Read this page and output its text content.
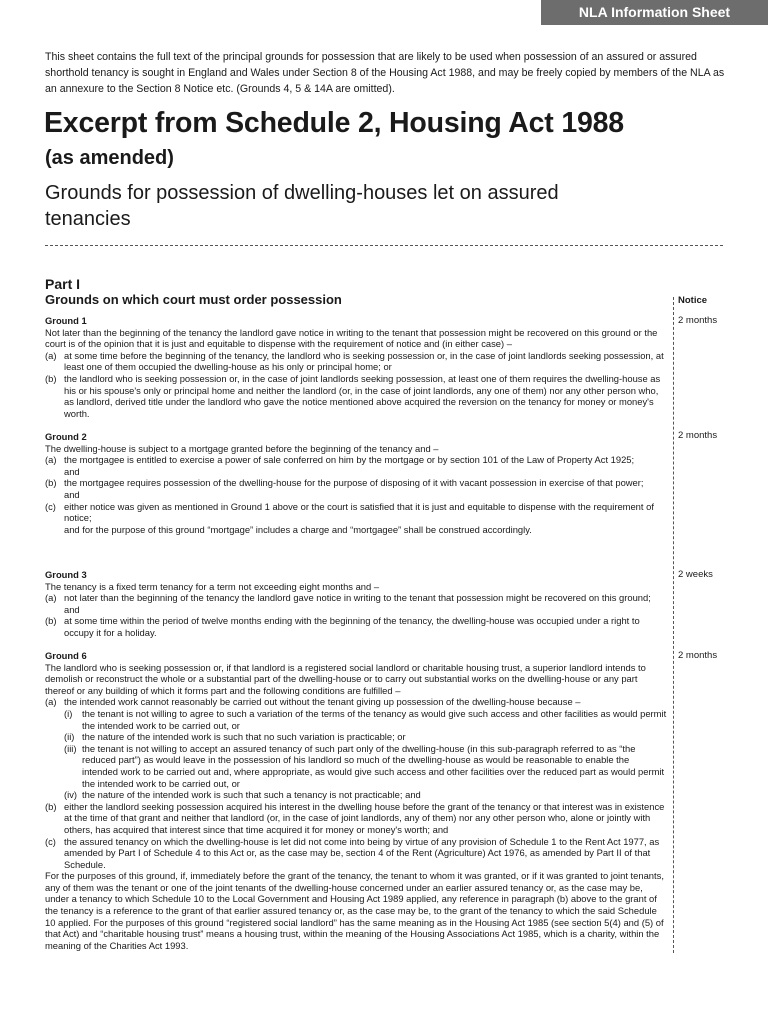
NLA Information Sheet
This sheet contains the full text of the principal grounds for possession that are likely to be used when possession of an assured or assured shorthold tenancy is sought in England and Wales under Section 8 of the Housing Act 1988, and may be freely copied by members of the NLA as an annexure to the Section 8 Notice etc. (Grounds 4, 5 & 14A are omitted).
Excerpt from Schedule 2, Housing Act 1988
(as amended)
Grounds for possession of dwelling-houses let on assured tenancies
Part I
Grounds on which court must order possession	Notice
2 months
2 months
2 weeks
2 months

Ground 1

Not later than the beginning of the tenancy the landlord gave notice in writing to the tenant that possession might be recovered on this ground or the court is of the opinion that it is just and equitable to dispense with the requirement of notice and (in either case) –

(a) at some time before the beginning of the tenancy, the landlord who is seeking possession or, in the case of joint landlords seeking possession, at least one of them occupied the dwelling-house as his only or principal home; or
(b) the landlord who is seeking possession or, in the case of joint landlords seeking possession, at least one of them requires the dwelling-house as his or his spouse's only or principal home and neither the landlord (or, in the case of joint landlords, any one of them) nor any other person who, as landlord, derived title under the landlord who gave the notice mentioned above acquired the reversion on the tenancy for money or money's worth.

Ground 2

The dwelling-house is subject to a mortgage granted before the beginning of the tenancy and –

(a) the mortgagee is entitled to exercise a power of sale conferred on him by the mortgage or by section 101 of the Law of Property Act 1925;
and
(b) the mortgagee requires possession of the dwelling-house for the purpose of disposing of it with vacant possession in exercise of that power;
and
(c) either notice was given as mentioned in Ground 1 above or the court is satisfied that it is just and equitable to dispense with the requirement of notice;
and for the purpose of this ground “mortgage” includes a charge and “mortgagee” shall be construed accordingly.

Ground 3

The tenancy is a fixed term tenancy for a term not exceeding eight months and –

(a) not later than the beginning of the tenancy the landlord gave notice in writing to the tenant that possession might be recovered on this ground; and
(b) at some time within the period of twelve months ending with the beginning of the tenancy, the dwelling-house was occupied under a right to occupy it for a holiday.

Ground 6

The landlord who is seeking possession or, if that landlord is a registered social landlord or charitable housing trust, a superior landlord intends to demolish or reconstruct the whole or a substantial part of the dwelling-house or to carry out substantial works on the dwelling-house or any part thereof or any building of which it forms part and the following conditions are fulfilled –

(a) the intended work cannot reasonably be carried out without the tenant giving up possession of the dwelling-house because –
(i) the tenant is not willing to agree to such a variation of the terms of the tenancy as would give such access and other facilities as would permit the intended work to be carried out, or
(ii) the nature of the intended work is such that no such variation is practicable; or
(iii) the tenant is not willing to accept an assured tenancy of such part only of the dwelling-house (in this sub-paragraph referred to as “the reduced part”) as would leave in the possession of his landlord so much of the dwelling-house as would be reasonable to enable the intended work to be carried out and, where appropriate, as would give such access and other facilities over the reduced part as would permit the intended work to be carried out, or
(iv) the nature of the intended work is such that such a tenancy is not practicable; and
(b) either the landlord seeking possession acquired his interest in the dwelling house before the grant of the tenancy or that interest was in existence at the time of that grant and neither that landlord (or, in the case of joint landlords, any of them) nor any other person who, alone or jointly with others, has acquired that interest since that time acquired it for money or money's worth; and
(c) the assured tenancy on which the dwelling-house is let did not come into being by virtue of any provision of Schedule 1 to the Rent Act 1977, as amended by Part I of Schedule 4 to this Act or, as the case may be, section 4 of the Rent (Agriculture) Act 1976, as amended by Part II of that Schedule.

For the purposes of this ground, if, immediately before the grant of the tenancy, the tenant to whom it was granted, or if it was granted to joint tenants, any of them was the tenant or one of the joint tenants of the dwelling-house concerned under an earlier assured tenancy or, as the case may be, under a tenancy to which Schedule 10 to the Local Government and Housing Act 1989 applied, any reference in paragraph (b) above to the grant of the tenancy is a reference to the grant of that earlier assured tenancy or, as the case may be, to the grant of the tenancy to which the said Schedule 10 applied. For the purposes of this ground “registered social landlord” has the same meaning as in the Housing Act 1985 (see section 5(4) and (5) of that Act) and “charitable housing trust” means a housing trust, within the meaning of the Housing Associations Act 1985, which is a charity, within the meaning of the Charities Act 1993.
